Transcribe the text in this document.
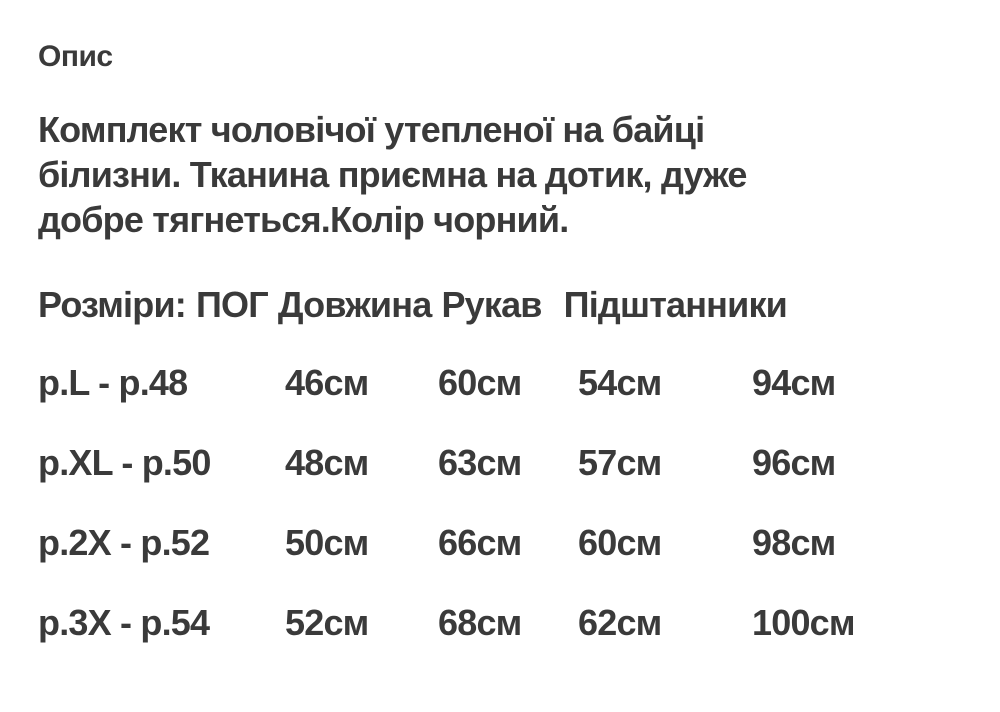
Опис
Комплект чоловічої утепленої на байці
білизни. Тканина приємна на дотик, дуже
добре тягнеться.Колір чорний.
Розміри: ПОГ Довжина Рукав Підштанники
р.L - р.48	46см	60см	54см	94см
р.XL - р.50	48см	63см	57см	96см
р.2X - р.52	50см	66см	60см	98см
р.3X - р.54	52см	68см	62см	100см
